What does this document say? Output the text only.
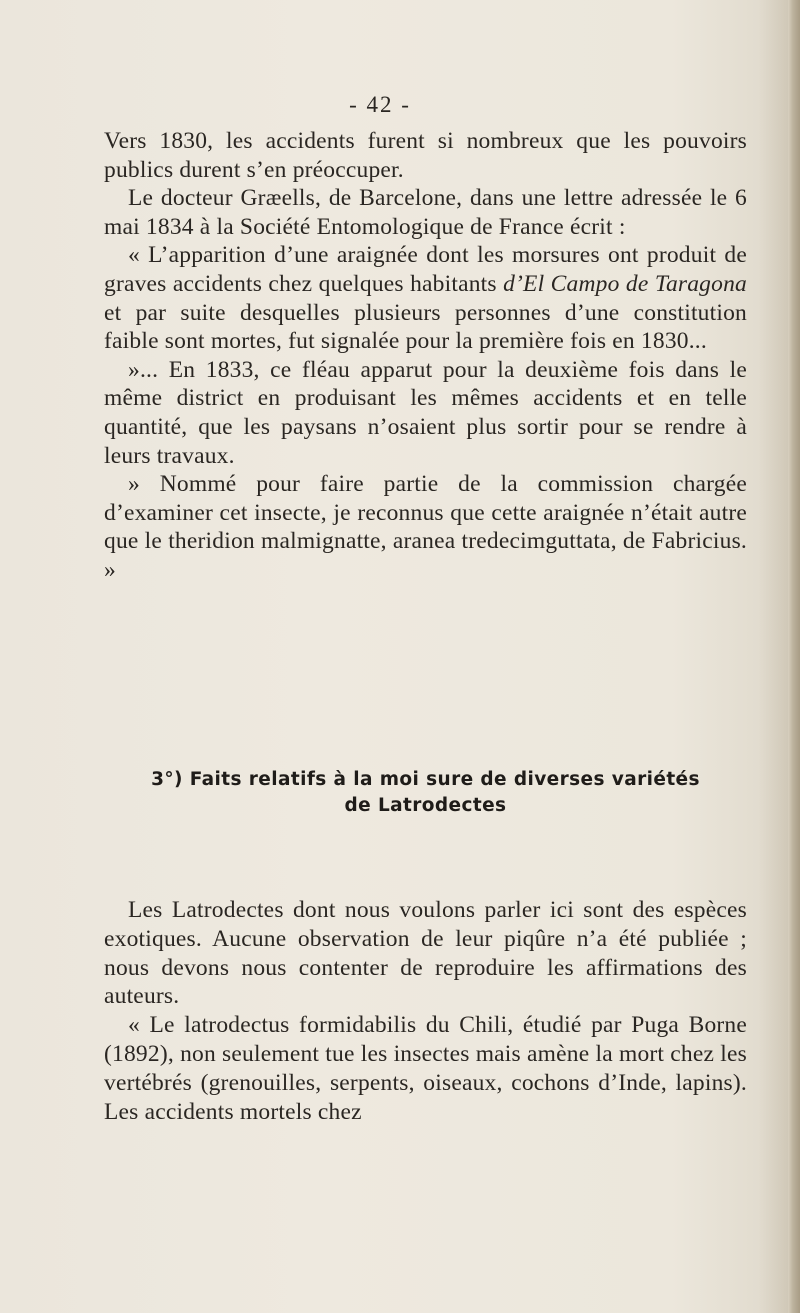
- 42 -

Vers 1830, les accidents furent si nombreux que les pouvoirs publics durent s’en préoccuper.

Le docteur Græells, de Barcelone, dans une lettre adressée le 6 mai 1834 à la Société Entomologique de France écrit :

« L’apparition d’une araignée dont les morsures ont produit de graves accidents chez quelques habitants d’El Campo de Taragona et par suite desquelles plusieurs personnes d’une constitution faible sont mortes, fut signalée pour la première fois en 1830...

»... En 1833, ce fléau apparut pour la deuxième fois dans le même district en produisant les mêmes accidents et en telle quantité, que les paysans n’osaient plus sortir pour se rendre à leurs travaux.

» Nommé pour faire partie de la commission chargée d’examiner cet insecte, je reconnus que cette araignée n’était autre que le theridion malmignatte, aranea tredecimguttata, de Fabricius. »

3°) Faits relatifs à la moi sure de diverses variétés
de Latrodectes

Les Latrodectes dont nous voulons parler ici sont des espèces exotiques. Aucune observation de leur piqûre n’a été publiée ; nous devons nous contenter de reproduire les affirmations des auteurs.

« Le latrodectus formidabilis du Chili, étudié par Puga Borne (1892), non seulement tue les insectes mais amène la mort chez les vertébrés (grenouilles, serpents, oiseaux, cochons d’Inde, lapins). Les accidents mortels chez
